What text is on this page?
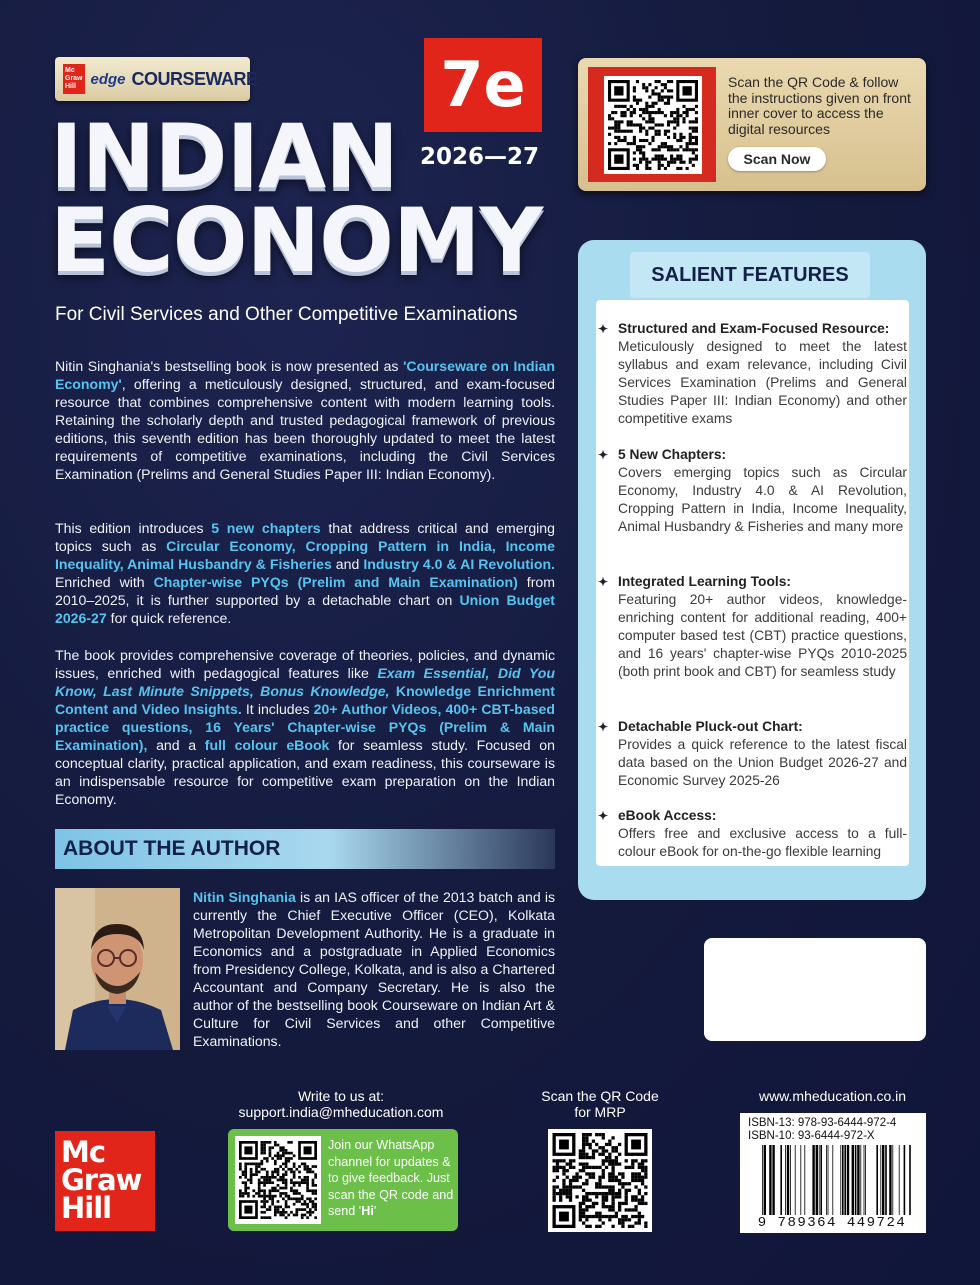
Mc Graw Hill edge COURSEWARE
INDIAN
ECONOMY
7e
2026—27
For Civil Services and Other Competitive Examinations

Nitin Singhania's bestselling book is now presented as 'Courseware on Indian Economy', offering a meticulously designed, structured, and exam-focused resource that combines comprehensive content with modern learning tools. Retaining the scholarly depth and trusted pedagogical framework of previous editions, this seventh edition has been thoroughly updated to meet the latest requirements of competitive examinations, including the Civil Services Examination (Prelims and General Studies Paper III: Indian Economy).

This edition introduces 5 new chapters that address critical and emerging topics such as Circular Economy, Cropping Pattern in India, Income Inequality, Animal Husbandry & Fisheries and Industry 4.0 & AI Revolution. Enriched with Chapter-wise PYQs (Prelim and Main Examination) from 2010–2025, it is further supported by a detachable chart on Union Budget 2026-27 for quick reference.

The book provides comprehensive coverage of theories, policies, and dynamic issues, enriched with pedagogical features like Exam Essential, Did You Know, Last Minute Snippets, Bonus Knowledge, Knowledge Enrichment Content and Video Insights. It includes 20+ Author Videos, 400+ CBT-based practice questions, 16 Years' Chapter-wise PYQs (Prelim & Main Examination), and a full colour eBook for seamless study. Focused on conceptual clarity, practical application, and exam readiness, this courseware is an indispensable resource for competitive exam preparation on the Indian Economy.

ABOUT THE AUTHOR

Nitin Singhania is an IAS officer of the 2013 batch and is currently the Chief Executive Officer (CEO), Kolkata Metropolitan Development Authority. He is a graduate in Economics and a postgraduate in Applied Economics from Presidency College, Kolkata, and is also a Chartered Accountant and Company Secretary. He is also the author of the bestselling book Courseware on Indian Art & Culture for Civil Services and other Competitive Examinations.

Scan the QR Code & follow the instructions given on front inner cover to access the digital resources
Scan Now
SALIENT FEATURES
✦ Structured and Exam-Focused Resource:
Meticulously designed to meet the latest syllabus and exam relevance, including Civil Services Examination (Prelims and General Studies Paper III: Indian Economy) and other competitive exams
✦ 5 New Chapters:
Covers emerging topics such as Circular Economy, Industry 4.0 & AI Revolution, Cropping Pattern in India, Income Inequality, Animal Husbandry & Fisheries and many more
✦ Integrated Learning Tools:
Featuring 20+ author videos, knowledge-enriching content for additional reading, 400+ computer based test (CBT) practice questions, and 16 years' chapter-wise PYQs 2010-2025 (both print book and CBT) for seamless study
✦ Detachable Pluck-out Chart:
Provides a quick reference to the latest fiscal data based on the Union Budget 2026-27 and Economic Survey 2025-26
✦ eBook Access:
Offers free and exclusive access to a full-colour eBook for on-the-go flexible learning
Mc
Graw
Hill
Write to us at:
support.india@mheducation.com
Join our WhatsApp channel for updates & to give feedback. Just scan the QR code and send 'Hi'
Scan the QR Code
for MRP
www.mheducation.co.in
ISBN-13: 978-93-6444-972-4
ISBN-10: 93-6444-972-X
9 789364 449724
